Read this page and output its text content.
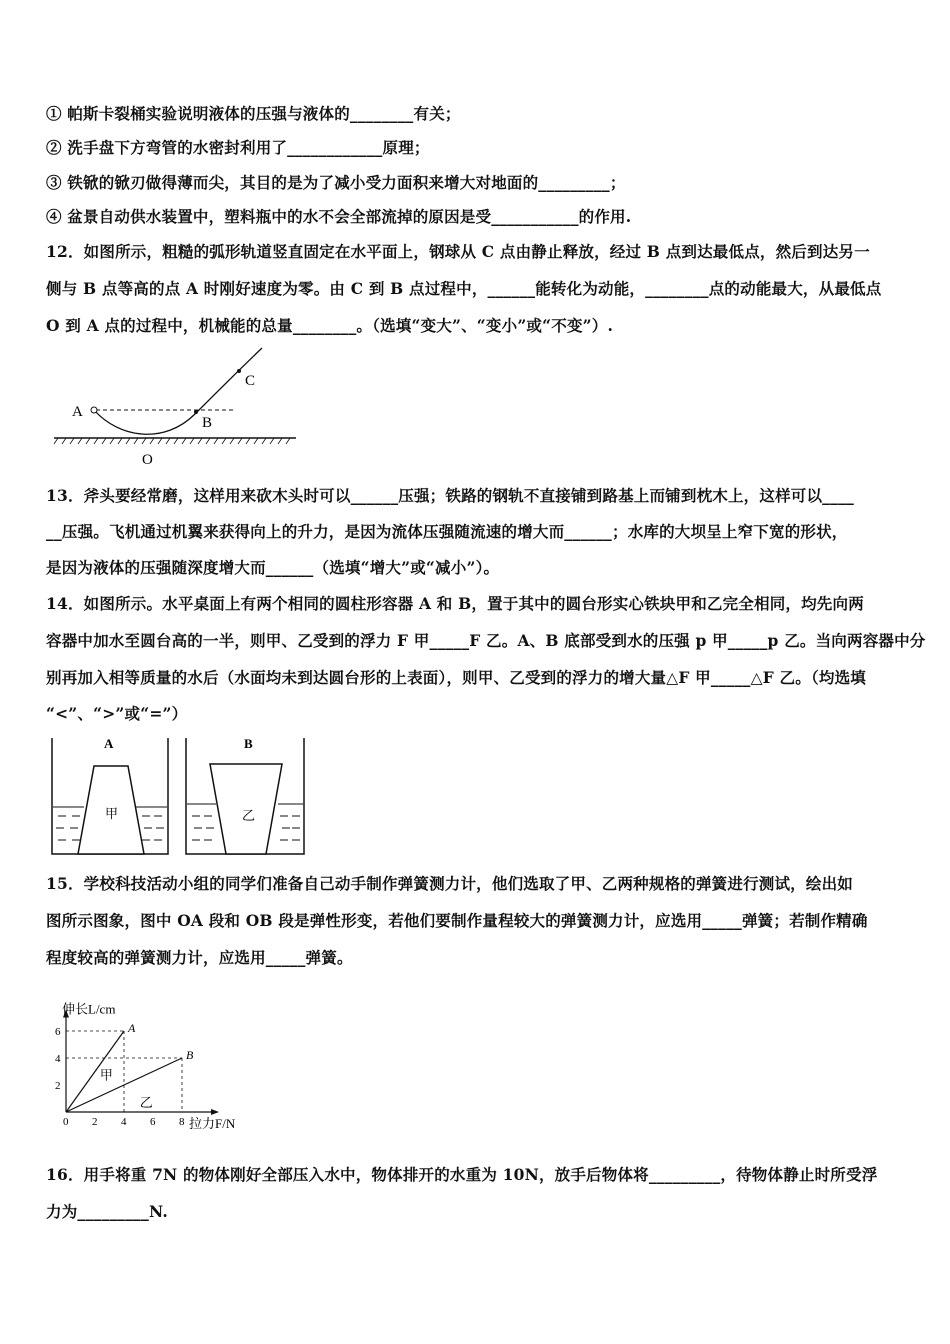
① 帕斯卡裂桶实验说明液体的压强与液体的________有关；
② 洗手盘下方弯管的水密封利用了____________原理；
③ 铁锨的锨刃做得薄而尖，其目的是为了减小受力面积来增大对地面的_________；
④ 盆景自动供水装置中，塑料瓶中的水不会全部流掉的原因是受___________的作用.
12．如图所示，粗糙的弧形轨道竖直固定在水平面上，钢球从 C 点由静止释放，经过 B 点到达最低点，然后到达另一
侧与 B 点等高的点 A 时刚好速度为零。由 C 到 B 点过程中，______能转化为动能，________点的动能最大，从最低点
O 到 A 点的过程中，机械能的总量________。（选填“变大”、“变小”或“不变”）.
A
B
C
O
13．斧头要经常磨，这样用来砍木头时可以______压强；铁路的钢轨不直接铺到路基上而铺到枕木上，这样可以____
__压强。飞机通过机翼来获得向上的升力，是因为流体压强随流速的增大而______；水库的大坝呈上窄下宽的形状，
是因为液体的压强随深度增大而______（选填“增大”或“减小”）。
14．如图所示。水平桌面上有两个相同的圆柱形容器 A 和 B，置于其中的圆台形实心铁块甲和乙完全相同，均先向两
容器中加水至圆台高的一半，则甲、乙受到的浮力 F 甲_____F 乙。A、B 底部受到水的压强 p 甲_____p 乙。当向两容器中分
别再加入相等质量的水后（水面均未到达圆台形的上表面），则甲、乙受到的浮力的增大量△F 甲_____△F 乙。（均选填
“<”、“>”或“=”）
A
甲
B
乙
15．学校科技活动小组的同学们准备自己动手制作弹簧测力计，他们选取了甲、乙两种规格的弹簧进行测试，绘出如
图所示图象，图中 OA 段和 OB 段是弹性形变，若他们要制作量程较大的弹簧测力计，应选用_____弹簧；若制作精确
程度较高的弹簧测力计，应选用_____弹簧。
0 2 4 6 8
2
4
6	A
甲
B
乙
伸长L/cm
拉力F/N
16．用手将重 7N 的物体刚好全部压入水中，物体排开的水重为 10N，放手后物体将_________，待物体静止时所受浮
力为_________N.
